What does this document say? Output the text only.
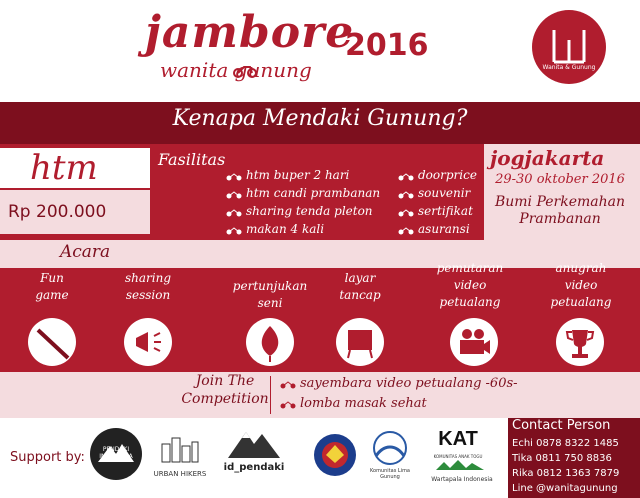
jambore
2016
wanita gunung	Wanita & Gunung
Kenapa Mendaki Gunung?
htm
Rp 200.000
Fasilitas
htm buper 2 hari
htm candi prambanan
sharing tenda pleton
makan 4 kali
doorprice
souvenir
sertifikat
asuransi
jogjakarta
29-30 oktober 2016
Bumi Perkemahan
Prambanan
Acara
Fun
game
sharing
session
pertunjukan
seni
layar
tancap
pemutaran
video
petualang
anugrah
video
petualang
Join The
Competition
sayembara video petualang -60s-
lomba masak sehat
Support by:
PENDAKI INDONESIA
URBAN HIKERS
id_pendaki	Komunitas Lima Gunung
KAT
KOMUNITAS ANAK TOGU
Wartapala Indonesia
Contact Person
Echi 0878 8322 1485
Tika 0811 750 8836
Rika 0812 1363 7879
Line @wanitagunung
